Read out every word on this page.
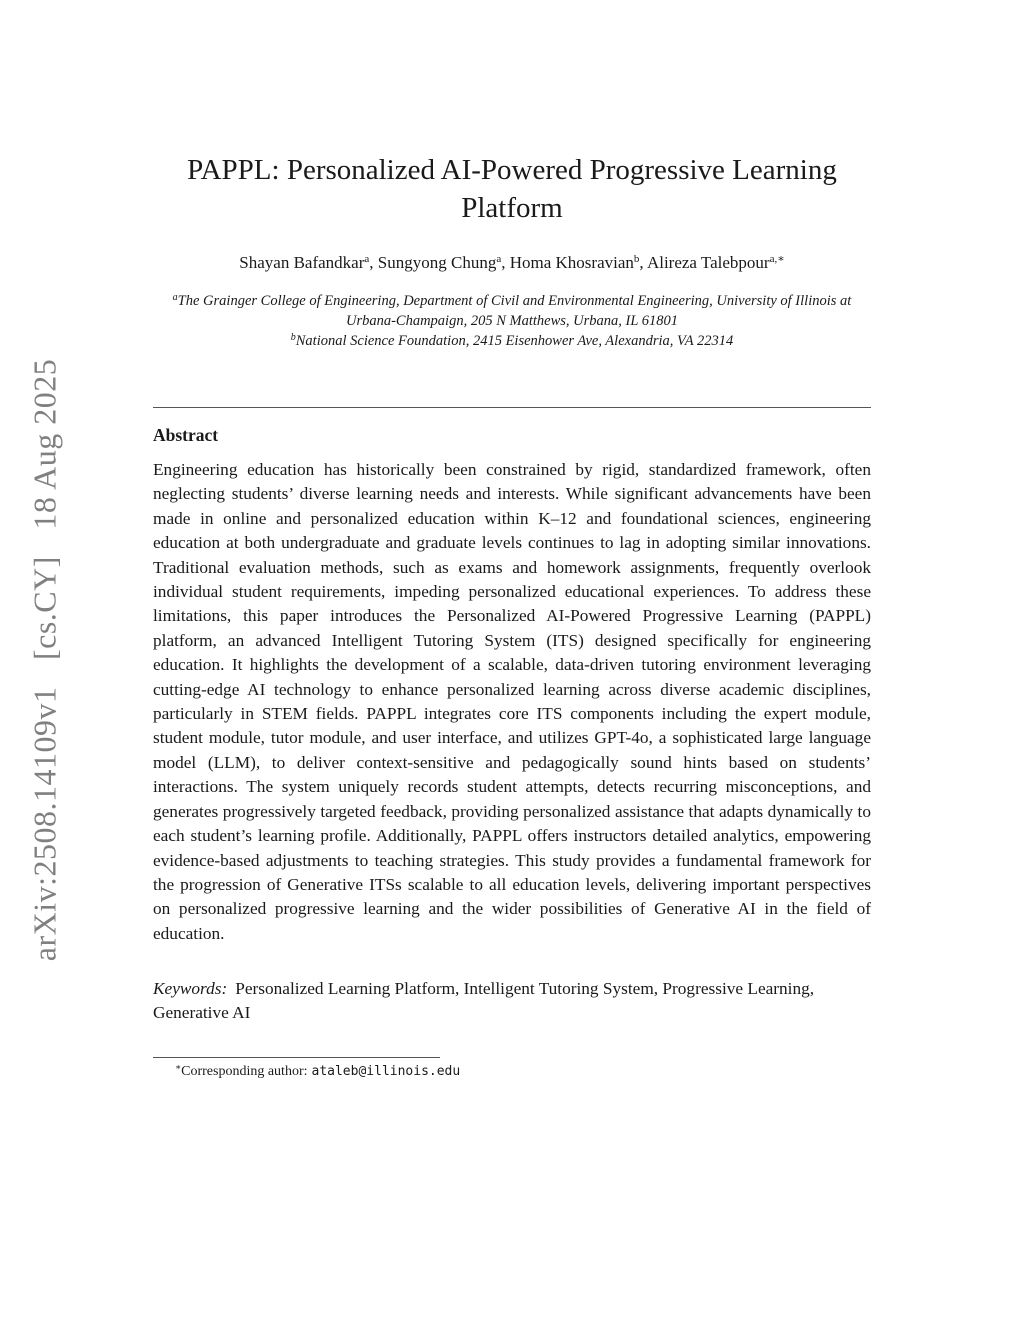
arXiv:2508.14109v1 [cs.CY] 18 Aug 2025
PAPPL: Personalized AI-Powered Progressive Learning Platform
Shayan Bafandkar$^a$, Sungyong Chung$^a$, Homa Khosravian$^b$, Alireza Talebpour$^{a,∗}$
$^a$The Grainger College of Engineering, Department of Civil and Environmental Engineering, University of Illinois at Urbana-Champaign, 205 N Matthews, Urbana, IL 61801
$^b$National Science Foundation, 2415 Eisenhower Ave, Alexandria, VA 22314
Abstract

Engineering education has historically been constrained by rigid, standardized framework, often neglecting students’ diverse learning needs and interests. While significant advancements have been made in online and personalized education within K–12 and foundational sciences, engineering education at both undergraduate and graduate levels continues to lag in adopting similar innovations. Traditional evaluation methods, such as exams and homework assignments, frequently overlook individual student requirements, impeding personalized educational experiences. To address these limitations, this paper introduces the Personalized AI-Powered Progressive Learning (PAPPL) platform, an advanced Intelligent Tutoring System (ITS) designed specifically for engineering education. It highlights the development of a scalable, data-driven tutoring environment leveraging cutting-edge AI technology to enhance personalized learning across diverse academic disciplines, particularly in STEM fields. PAPPL integrates core ITS components including the expert module, student module, tutor module, and user interface, and utilizes GPT-4o, a sophisticated large language model (LLM), to deliver context-sensitive and pedagogically sound hints based on students’ interactions. The system uniquely records student attempts, detects recurring misconceptions, and generates progressively targeted feedback, providing personalized assistance that adapts dynamically to each student’s learning profile. Additionally, PAPPL offers instructors detailed analytics, empowering evidence-based adjustments to teaching strategies. This study provides a fundamental framework for the progression of Generative ITSs scalable to all education levels, delivering important perspectives on personalized progressive learning and the wider possibilities of Generative AI in the field of education.

Keywords: Personalized Learning Platform, Intelligent Tutoring System, Progressive Learning, Generative AI

∗Corresponding author: ataleb@illinois.edu
